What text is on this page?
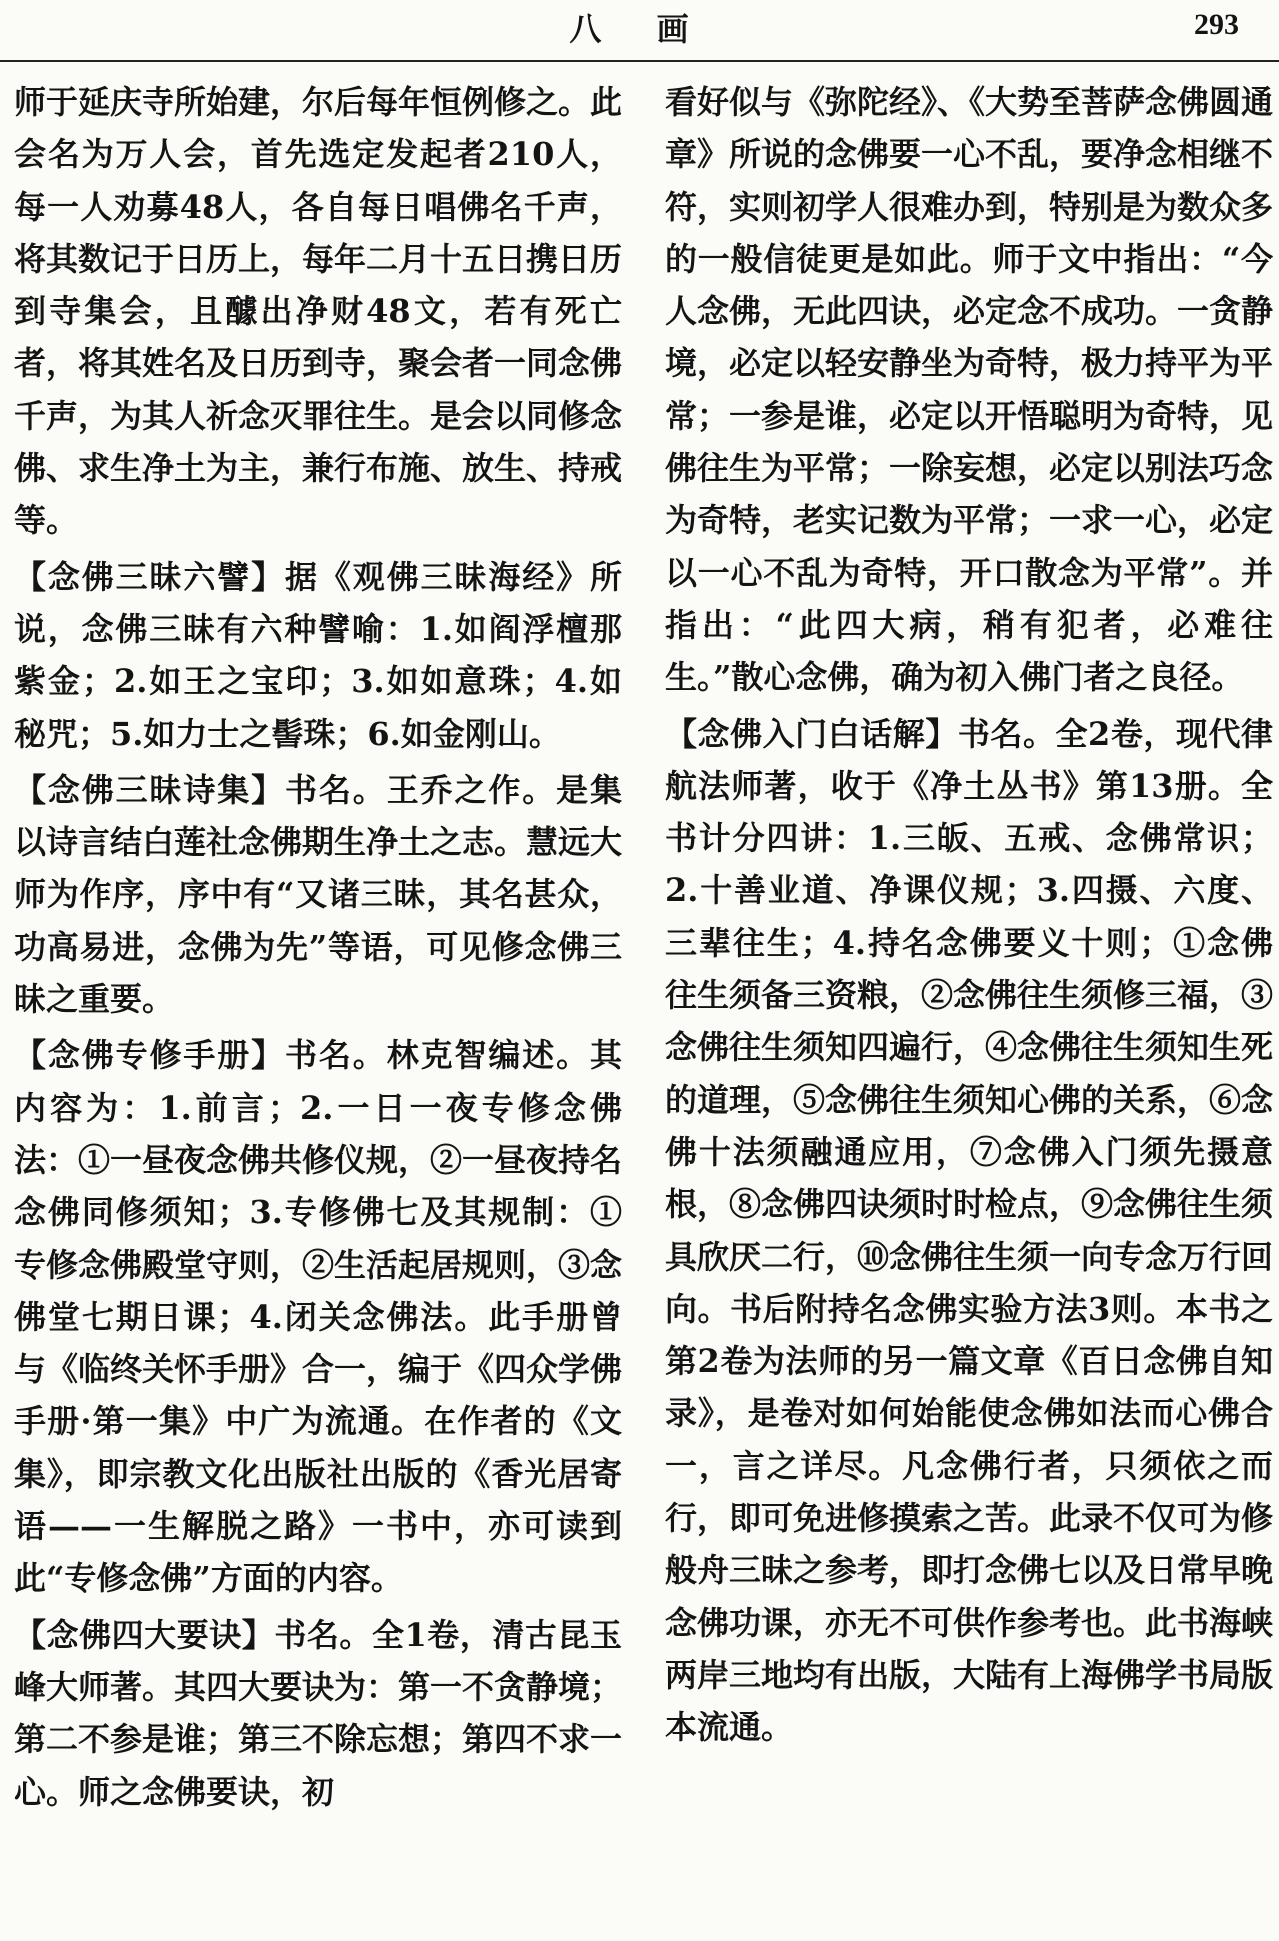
八 画	293

师于延庆寺所始建，尔后每年恒例修之。此会名为万人会，首先选定发起者210人，每一人劝募48人，各自每日唱佛名千声，将其数记于日历上，每年二月十五日携日历到寺集会，且醵出净财48文，若有死亡者，将其姓名及日历到寺，聚会者一同念佛千声，为其人祈念灭罪往生。是会以同修念佛、求生净土为主，兼行布施、放生、持戒等。

【念佛三昧六譬】据《观佛三昧海经》所说，念佛三昧有六种譬喻：1.如阎浮檀那紫金；2.如王之宝印；3.如如意珠；4.如秘咒；5.如力士之髻珠；6.如金刚山。

【念佛三昧诗集】书名。王乔之作。是集以诗言结白莲社念佛期生净土之志。慧远大师为作序，序中有“又诸三昧，其名甚众，功高易进，念佛为先”等语，可见修念佛三昧之重要。

【念佛专修手册】书名。林克智编述。其内容为：1.前言；2.一日一夜专修念佛法：①一昼夜念佛共修仪规，②一昼夜持名念佛同修须知；3.专修佛七及其规制：①专修念佛殿堂守则，②生活起居规则，③念佛堂七期日课；4.闭关念佛法。此手册曾与《临终关怀手册》合一，编于《四众学佛手册·第一集》中广为流通。在作者的《文集》，即宗教文化出版社出版的《香光居寄语——一生解脱之路》一书中，亦可读到此“专修念佛”方面的内容。

【念佛四大要诀】书名。全1卷，清古昆玉峰大师著。其四大要诀为：第一不贪静境；第二不参是谁；第三不除忘想；第四不求一心。师之念佛要诀，初

看好似与《弥陀经》、《大势至菩萨念佛圆通章》所说的念佛要一心不乱，要净念相继不符，实则初学人很难办到，特别是为数众多的一般信徒更是如此。师于文中指出：“今人念佛，无此四诀，必定念不成功。一贪静境，必定以轻安静坐为奇特，极力持平为平常；一参是谁，必定以开悟聪明为奇特，见佛往生为平常；一除妄想，必定以别法巧念为奇特，老实记数为平常；一求一心，必定以一心不乱为奇特，开口散念为平常”。并指出：“此四大病，稍有犯者，必难往生。”散心念佛，确为初入佛门者之良径。

【念佛入门白话解】书名。全2卷，现代律航法师著，收于《净土丛书》第13册。全书计分四讲：1.三皈、五戒、念佛常识；2.十善业道、净课仪规；3.四摄、六度、三辈往生；4.持名念佛要义十则；①念佛往生须备三资粮，②念佛往生须修三福，③念佛往生须知四遍行，④念佛往生须知生死的道理，⑤念佛往生须知心佛的关系，⑥念佛十法须融通应用，⑦念佛入门须先摄意根，⑧念佛四诀须时时检点，⑨念佛往生须具欣厌二行，⑩念佛往生须一向专念万行回向。书后附持名念佛实验方法3则。本书之第2卷为法师的另一篇文章《百日念佛自知录》，是卷对如何始能使念佛如法而心佛合一，言之详尽。凡念佛行者，只须依之而行，即可免进修摸索之苦。此录不仅可为修般舟三昧之参考，即打念佛七以及日常早晚念佛功课，亦无不可供作参考也。此书海峡两岸三地均有出版，大陆有上海佛学书局版本流通。
